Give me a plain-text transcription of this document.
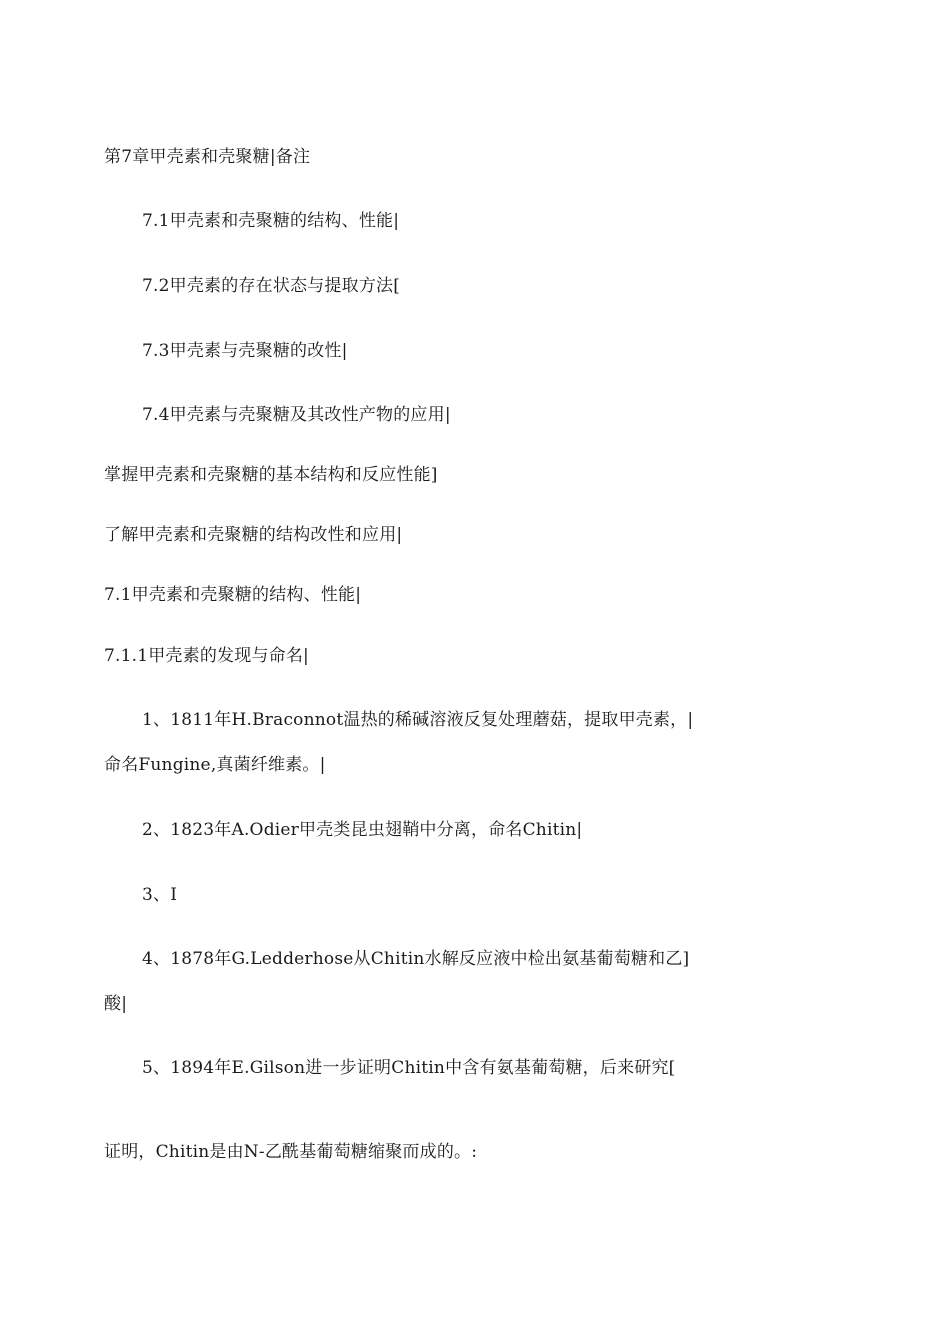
第7章甲壳素和壳聚糖|备注
7.1甲壳素和壳聚糖的结构、性能|
7.2甲壳素的存在状态与提取方法[
7.3甲壳素与壳聚糖的改性|
7.4甲壳素与壳聚糖及其改性产物的应用|
掌握甲壳素和壳聚糖的基本结构和反应性能]
了解甲壳素和壳聚糖的结构改性和应用|
7.1甲壳素和壳聚糖的结构、性能|
7.1.1甲壳素的发现与命名|
1、1811年H.Braconnot温热的稀碱溶液反复处理蘑菇，提取甲壳素，|
命名Fungine,真菌纤维素。|
2、1823年A.Odier甲壳类昆虫翅鞘中分离，命名Chitin|
3、I
4、1878年G.Ledderhose从Chitin水解反应液中检出氨基葡萄糖和乙]
酸|
5、1894年E.Gilson进一步证明Chitin中含有氨基葡萄糖，后来研究[
证明，Chitin是由N-乙酰基葡萄糖缩聚而成的。:
